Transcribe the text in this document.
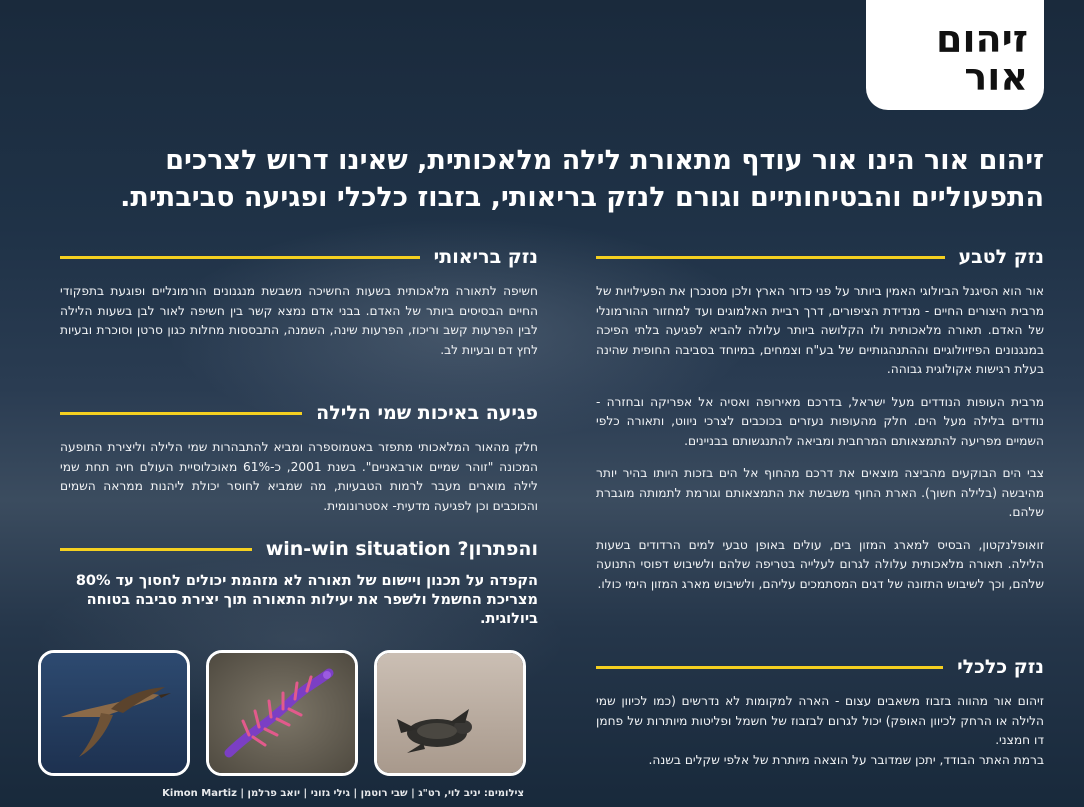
זיהום אור

זיהום אור הינו אור עודף מתאורת לילה מלאכותית, שאינו דרוש לצרכים התפעוליים והבטיחותיים וגורם לנזק בריאותי, בזבוז כלכלי ופגיעה סביבתית.

נזק לטבע

אור הוא הסיגנל הביולוגי האמין ביותר על פני כדור הארץ ולכן מסנכרן את הפעילויות של מרבית היצורים החיים - מנדידת הציפורים, דרך רביית האלמוגים ועד למחזור ההורמונלי של האדם. תאורה מלאכותית ולו הקלושה ביותר עלולה להביא לפגיעה בלתי הפיכה במנגנונים הפיזיולוגיים וההתנהגותיים של בע"ח וצמחים, במיוחד בסביבה החופית שהינה בעלת רגישות אקולוגית גבוהה.

מרבית העופות הנודדים מעל ישראל, בדרכם מאירופה ואסיה אל אפריקה ובחזרה - נודדים בלילה מעל הים. חלק מהעופות נעזרים בכוכבים לצרכי ניווט, ותאורה כלפי השמיים מפריעה להתמצאותם המרחבית ומביאה להתנגשותם בבניינים.

צבי הים הבוקעים מהביצה מוצאים את דרכם מהחוף אל הים בזכות היותו בהיר יותר מהיבשה (בלילה חשוך). הארת החוף משבשת את התמצאותם וגורמת לתמותה מוגברת שלהם.

זואופלנקטון, הבסיס למארג המזון בים, עולים באופן טבעי למים הרדודים בשעות הלילה. תאורה מלאכותית עלולה לגרום לעלייה בטריפה שלהם ולשיבוש דפוסי התנועה שלהם, וכך לשיבוש התזונה של דגים המסתמכים עליהם, ולשיבוש מארג המזון הימי כולו.

נזק כלכלי

זיהום אור מהווה בזבוז משאבים עצום - הארה למקומות לא נדרשים (כמו לכיוון שמי הלילה או הרחק לכיוון האופק) יכול לגרום לבזבוז של חשמל ופליטות מיותרות של פחמן דו חמצני.

ברמת האתר הבודד, יתכן שמדובר על הוצאה מיותרת של אלפי שקלים בשנה.

נזק בריאותי

חשיפה לתאורה מלאכותית בשעות החשיכה משבשת מנגנונים הורמונליים ופוגעת בתפקודי החיים הבסיסים ביותר של האדם. בבני אדם נמצא קשר בין חשיפה לאור לבן בשעות הלילה לבין הפרעות קשב וריכוז, הפרעות שינה, השמנה, התבססות מחלות כגון סרטן וסוכרת ובעיות לחץ דם ובעיות לב.

פגיעה באיכות שמי הלילה

חלק מהאור המלאכותי מתפזר באטמוספרה ומביא להתבהרות שמי הלילה וליצירת התופעה המכונה "זוהר שמיים אורבאניים". בשנת 2001, כ-61% מאוכלוסיית העולם חיה תחת שמי לילה מוארים מעבר לרמות הטבעיות, מה שמביא לחוסר יכולת ליהנות ממראה השמים והכוכבים וכן לפגיעה מדעית- אסטרונומית.

והפתרון? win-win situation
הקפדה על תכנון ויישום של תאורה לא מזהמת יכולים לחסוך עד 80% מצריכת החשמל ולשפר את יעילות התאורה תוך יצירת סביבה בטוחה ביולוגית.
צילומים: יניב לוי, רט"ג | שבי רוטמן | גילי גזוני | יואב פרלמן | Kimon Martiz
